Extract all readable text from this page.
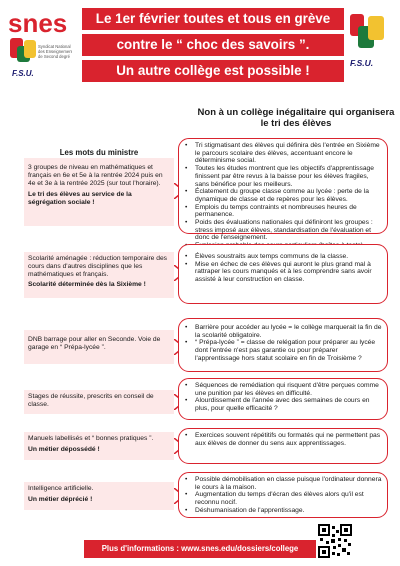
snes
F.S.U.
Syndicat National
des Enseignements
de Second degré
F.S.U.
Le 1er février toutes et tous en grève
contre le “ choc des savoirs ”.
Un autre collège est possible !
Non à un collège inégalitaire qui organisera le tri des élèves
Les mots du ministre
3 groupes de niveau en mathématiques et français en 6e et 5e à la rentrée 2024 puis en 4e et 3e à la rentrée 2025 (sur tout l'horaire).
Le tri des élèves au service de la ségrégation sociale !
• Tri stigmatisant des élèves qui définira dès l'entrée en Sixième le parcours scolaire des élèves, accentuant encore le déterminisme social.
• Toutes les études montrent que les objectifs d'apprentissage finissent par être revus à la baisse pour les élèves fragiles, sans bénéfice pour les meilleurs.
• Éclatement du groupe classe comme au lycée : perte de la dynamique de classe et de repères pour les élèves.
• Emplois du temps contraints et nombreuses heures de permanence.
• Poids des évaluations nationales qui définiront les groupes : stress imposé aux élèves, standardisation de l'évaluation et donc de l'enseignement.
•
Scolarité aménagée : réduction temporaire des cours dans d'autres disciplines que les mathématiques et français.
Scolarité déterminée dès la Sixième !
• Élèves soustraits aux temps communs de la classe.
• Mise en échec de ces élèves qui auront le plus grand mal à rattraper les cours manqués et à les comprendre sans avoir assisté à leur construction en classe.
DNB barrage pour aller en Seconde. Voie de garage en “ Prépa-lycée ”.
• Barrière pour accéder au lycée = le collège marquerait la fin de la scolarité obligatoire.
• “ Prépa-lycée ” = classe de relégation pour préparer au lycée dont l'entrée n'est pas garantie ou pour préparer l'apprentissage hors statut scolaire en fin de Troisième ?
Stages de réussite, prescrits en conseil de classe.
• Séquences de remédiation qui risquent d'être perçues comme une punition par les élèves en difficulté.
• Alourdissement de l'année avec des semaines de cours en plus, pour quelle efficacité ?
Manuels labellisés et “ bonnes pratiques ”.
Un métier dépossédé !
• Exercices souvent répétitifs ou formatés qui ne permettent pas aux élèves de donner du sens aux apprentissages.
Intelligence artificielle.
Un métier déprécié !
• Possible démobilisation en classe puisque l'ordinateur donnera le cours à la maison.
• Augmentation du temps d'écran des élèves alors qu'il est reconnu nocif.
• Déshumanisation de l'apprentissage.
Plus d'informations : www.snes.edu/dossiers/college
